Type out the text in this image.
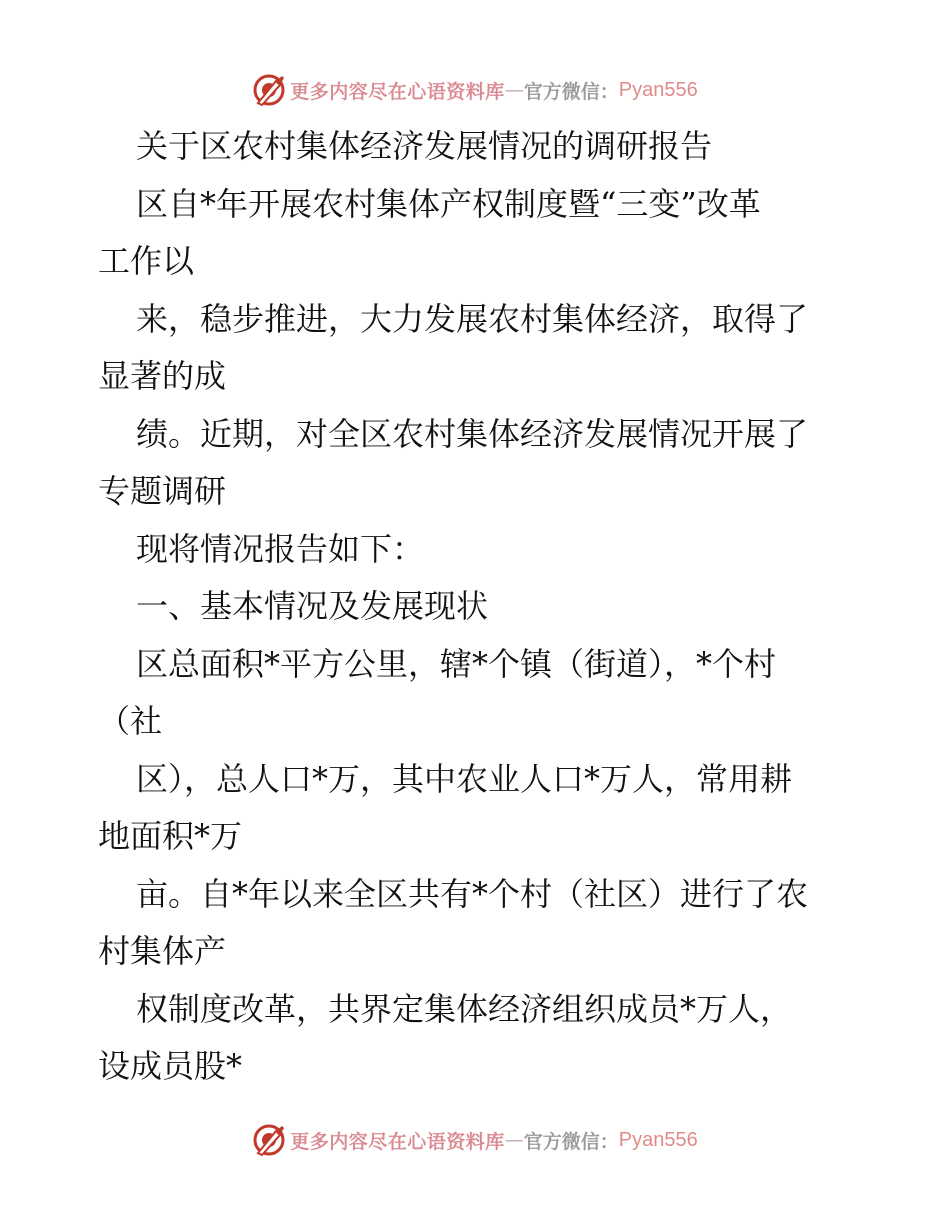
更多内容尽在心语资料库 — 官方微信： Pyan556
关于区农村集体经济发展情况的调研报告
区自*年开展农村集体产权制度暨“三变”改革
工作以
来，稳步推进，大力发展农村集体经济，取得了
显著的成
绩。近期，对全区农村集体经济发展情况开展了
专题调研
现将情况报告如下：
一、基本情况及发展现状
区总面积*平方公里，辖*个镇（街道），*个村
（社
区），总人口*万，其中农业人口*万人，常用耕
地面积*万
亩。自*年以来全区共有*个村（社区）进行了农
村集体产
权制度改革，共界定集体经济组织成员*万人，
设成员股*
更多内容尽在心语资料库 — 官方微信： Pyan556
